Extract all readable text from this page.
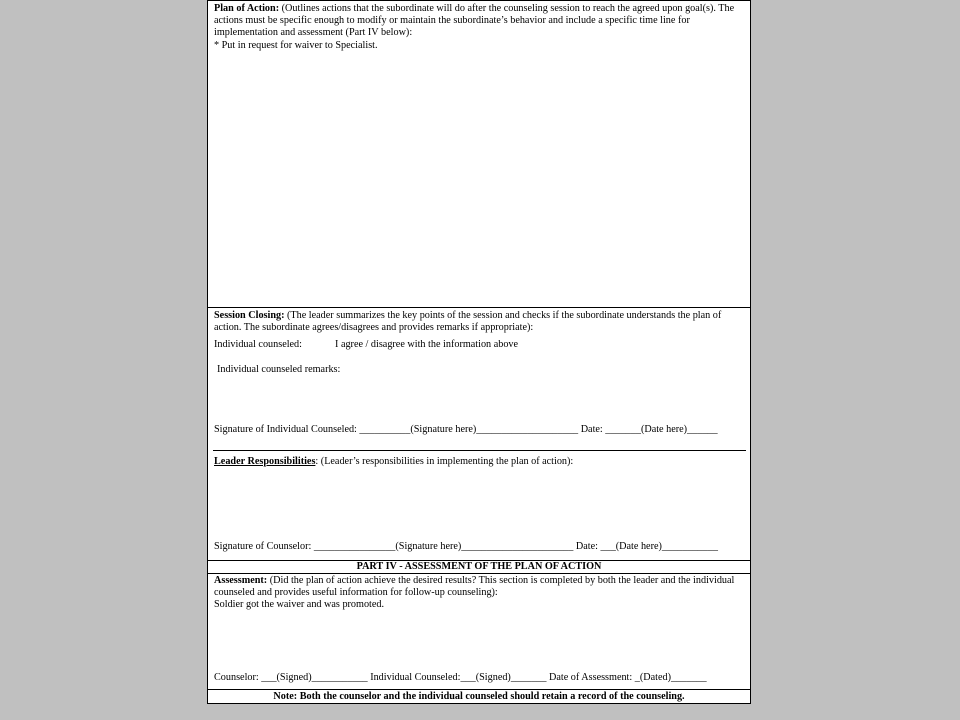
Plan of Action: (Outlines actions that the subordinate will do after the counseling session to reach the agreed upon goal(s). The actions must be specific enough to modify or maintain the subordinate’s behavior and include a specific time line for implementation and assessment (Part IV below):
* Put in request for waiver to Specialist.
Session Closing: (The leader summarizes the key points of the session and checks if the subordinate understands the plan of action. The subordinate agrees/disagrees and provides remarks if appropriate):
Individual counseled:	I agree / disagree with the information above
Individual counseled remarks:
Signature of Individual Counseled: __________(Signature here)____________________ Date: _______(Date here)______
Leader Responsibilities: (Leader’s responsibilities in implementing the plan of action):
Signature of Counselor: ________________(Signature here)______________________ Date: ___(Date here)___________
PART IV - ASSESSMENT OF THE PLAN OF ACTION
Assessment: (Did the plan of action achieve the desired results? This section is completed by both the leader and the individual counseled and provides useful information for follow-up counseling):
Soldier got the waiver and was promoted.
Counselor: ___(Signed)___________ Individual Counseled:___(Signed)_______ Date of Assessment: _(Dated)_______
Note: Both the counselor and the individual counseled should retain a record of the counseling.
